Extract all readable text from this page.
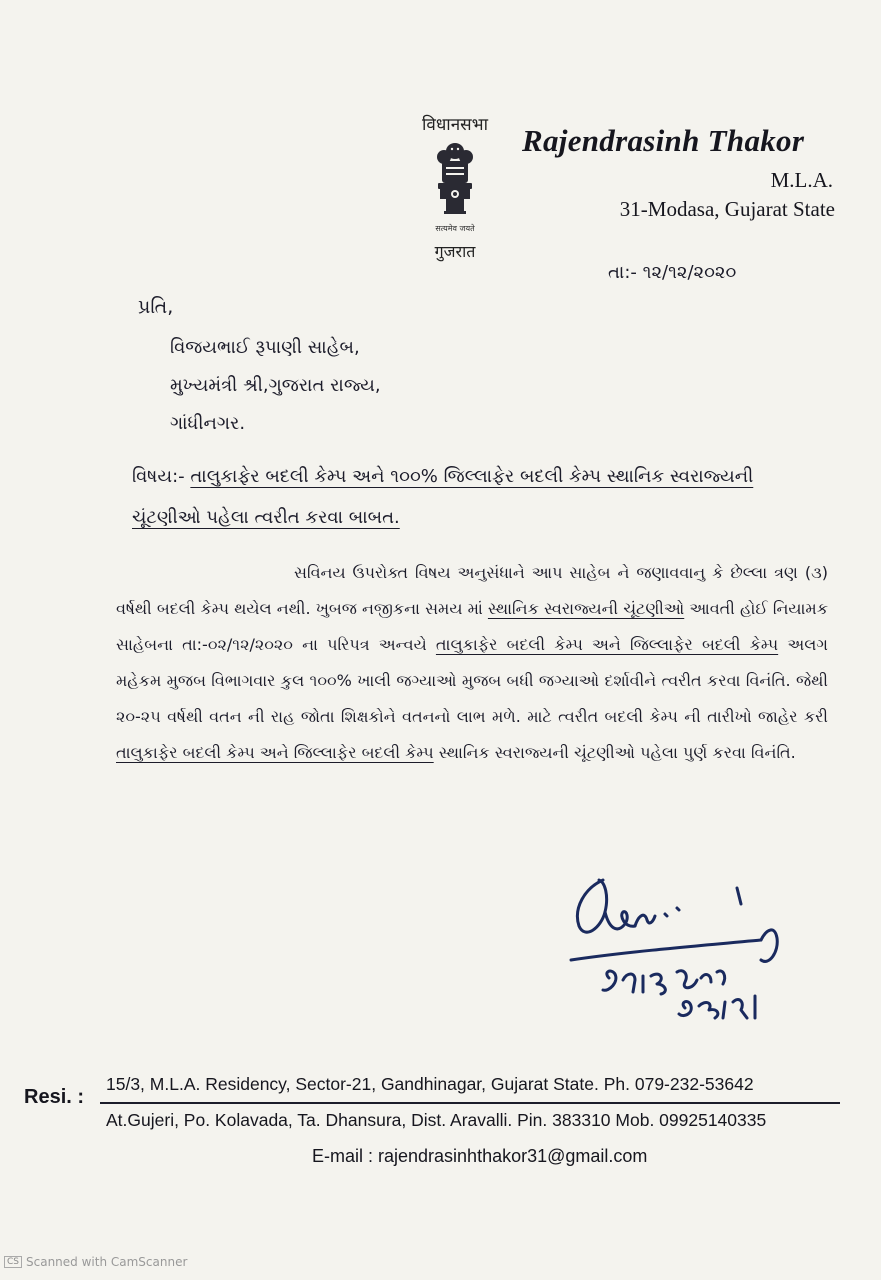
विधानसभा
सत्यमेव जयते
गुजरात
Rajendrasinh Thakor
M.L.A.
31-Modasa, Gujarat State
તા:- ૧૨/૧૨/૨૦૨૦
પ્રતિ,
વિજયભાઈ રૂપાણી સાહેબ,
મુખ્યમંત્રી શ્રી,ગુજરાત રાજ્ય,
ગાંધીનગર.
વિષય:- તાલુકાફેર બદલી કેમ્પ અને ૧૦૦% જિલ્લાફેર બદલી કેમ્પ સ્થાનિક સ્વરાજ્યની ચૂંટણીઓ પહેલા ત્વરીત કરવા બાબત.
સવિનય ઉપરોક્ત વિષય અનુસંધાને આપ સાહેબ ને જણાવવાનુ કે છેલ્લા ત્રણ (૩) વર્ષથી બદલી કેમ્પ થયેલ નથી. ખુબજ નજીકના સમય માં સ્થાનિક સ્વરાજ્યની ચૂંટણીઓ આવતી હોઈ નિયામક સાહેબના તા:-૦૨/૧૨/૨૦૨૦ ના પરિપત્ર અન્વયે તાલુકાફેર બદલી કેમ્પ અને જિલ્લાફેર બદલી કેમ્પ અલગ મહેકમ મુજબ વિભાગવાર કુલ ૧૦૦% ખાલી જગ્યાઓ મુજબ બધી જગ્યાઓ દર્શાવીને ત્વરીત કરવા વિનંતિ. જેથી ૨૦-૨૫ વર્ષથી વતન ની રાહ જોતા શિક્ષકોને વતનનો લાભ મળે. માટે ત્વરીત બદલી કેમ્પ ની તારીખો જાહેર કરી તાલુકાફેર બદલી કેમ્પ અને જિલ્લાફેર બદલી કેમ્પ સ્થાનિક સ્વરાજ્યની ચૂંટણીઓ પહેલા પુર્ણ કરવા વિનંતિ.
Resi. :
15/3, M.L.A. Residency, Sector-21, Gandhinagar, Gujarat State. Ph. 079-232-53642
At.Gujeri, Po. Kolavada, Ta. Dhansura, Dist. Aravalli. Pin. 383310 Mob. 09925140335
E-mail : rajendrasinhthakor31@gmail.com
CS Scanned with CamScanner
